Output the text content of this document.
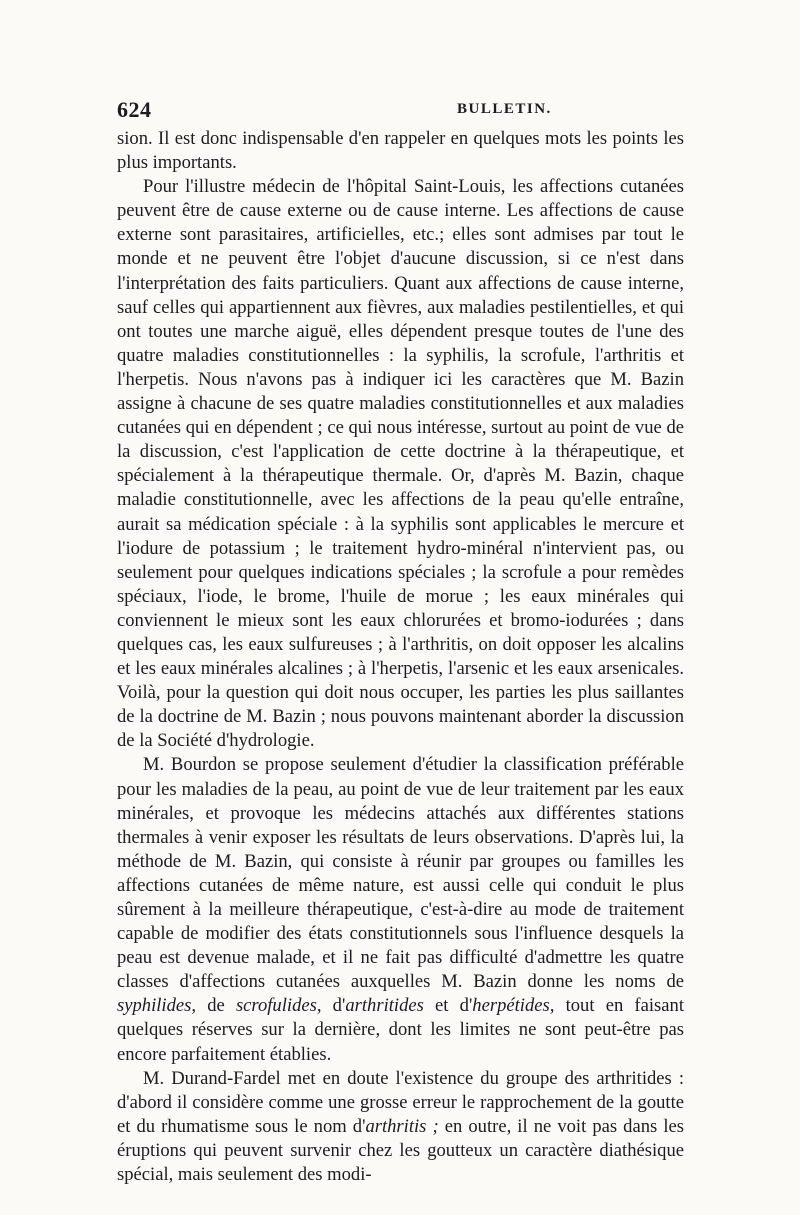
624	BULLETIN.

sion. Il est donc indispensable d'en rappeler en quelques mots les points les plus importants.

Pour l'illustre médecin de l'hôpital Saint-Louis, les affections cutanées peuvent être de cause externe ou de cause interne. Les affections de cause externe sont parasitaires, artificielles, etc.; elles sont admises par tout le monde et ne peuvent être l'objet d'aucune discussion, si ce n'est dans l'interprétation des faits particuliers. Quant aux affections de cause interne, sauf celles qui appartiennent aux fièvres, aux maladies pestilentielles, et qui ont toutes une marche aiguë, elles dépendent presque toutes de l'une des quatre maladies constitutionnelles : la syphilis, la scrofule, l'arthritis et l'herpetis. Nous n'avons pas à indiquer ici les caractères que M. Bazin assigne à chacune de ses quatre maladies constitutionnelles et aux maladies cutanées qui en dépendent ; ce qui nous intéresse, surtout au point de vue de la discussion, c'est l'application de cette doctrine à la thérapeutique, et spécialement à la thérapeutique thermale. Or, d'après M. Bazin, chaque maladie constitutionnelle, avec les affections de la peau qu'elle entraîne, aurait sa médication spéciale : à la syphilis sont applicables le mercure et l'iodure de potassium ; le traitement hydro-minéral n'intervient pas, ou seulement pour quelques indications spéciales ; la scrofule a pour remèdes spéciaux, l'iode, le brome, l'huile de morue ; les eaux minérales qui conviennent le mieux sont les eaux chlorurées et bromo-iodurées ; dans quelques cas, les eaux sulfureuses ; à l'arthritis, on doit opposer les alcalins et les eaux minérales alcalines ; à l'herpetis, l'arsenic et les eaux arsenicales. Voilà, pour la question qui doit nous occuper, les parties les plus saillantes de la doctrine de M. Bazin ; nous pouvons maintenant aborder la discussion de la Société d'hydrologie.

M. Bourdon se propose seulement d'étudier la classification préférable pour les maladies de la peau, au point de vue de leur traitement par les eaux minérales, et provoque les médecins attachés aux différentes stations thermales à venir exposer les résultats de leurs observations. D'après lui, la méthode de M. Bazin, qui consiste à réunir par groupes ou familles les affections cutanées de même nature, est aussi celle qui conduit le plus sûrement à la meilleure thérapeutique, c'est-à-dire au mode de traitement capable de modifier des états constitutionnels sous l'influence desquels la peau est devenue malade, et il ne fait pas difficulté d'admettre les quatre classes d'affections cutanées auxquelles M. Bazin donne les noms de syphilides, de scrofulides, d'arthritides et d'herpétides, tout en faisant quelques réserves sur la dernière, dont les limites ne sont peut-être pas encore parfaitement établies.

M. Durand-Fardel met en doute l'existence du groupe des arthritides : d'abord il considère comme une grosse erreur le rapprochement de la goutte et du rhumatisme sous le nom d'arthritis ; en outre, il ne voit pas dans les éruptions qui peuvent survenir chez les goutteux un caractère diathésique spécial, mais seulement des modi-
